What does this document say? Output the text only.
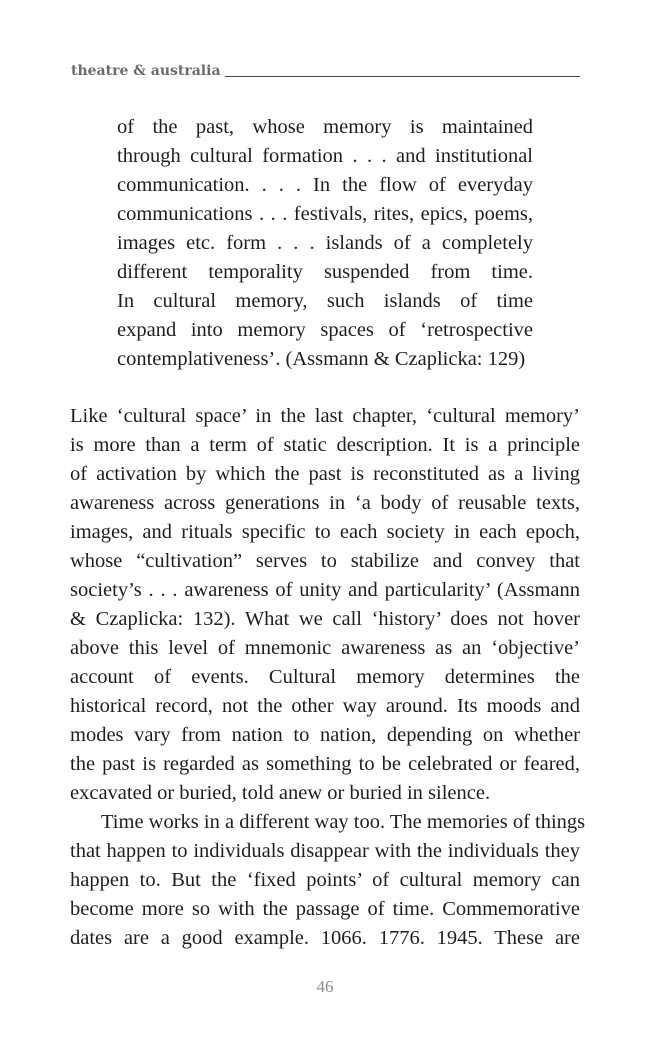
theatre & australia
of the past, whose memory is maintained
through cultural formation . . . and institutional
communication. . . . In the flow of everyday
communications . . . festivals, rites, epics, poems,
images etc. form . . . islands of a completely
different temporality suspended from time.
In cultural memory, such islands of time
expand into memory spaces of ‘retrospective
contemplativeness’. (Assmann & Czaplicka: 129)
Like ‘cultural space’ in the last chapter, ‘cultural memory’
is more than a term of static description. It is a principle
of activation by which the past is reconstituted as a living
awareness across generations in ‘a body of reusable texts,
images, and rituals specific to each society in each epoch,
whose “cultivation” serves to stabilize and convey that
society’s . . . awareness of unity and particularity’ (Assmann
& Czaplicka: 132). What we call ‘history’ does not hover
above this level of mnemonic awareness as an ‘objective’
account of events. Cultural memory determines the
historical record, not the other way around. Its moods and
modes vary from nation to nation, depending on whether
the past is regarded as something to be celebrated or feared,
excavated or buried, told anew or buried in silence.
Time works in a different way too. The memories of things
that happen to individuals disappear with the individuals they
happen to. But the ‘fixed points’ of cultural memory can
become more so with the passage of time. Commemorative
dates are a good example. 1066. 1776. 1945. These are
46
